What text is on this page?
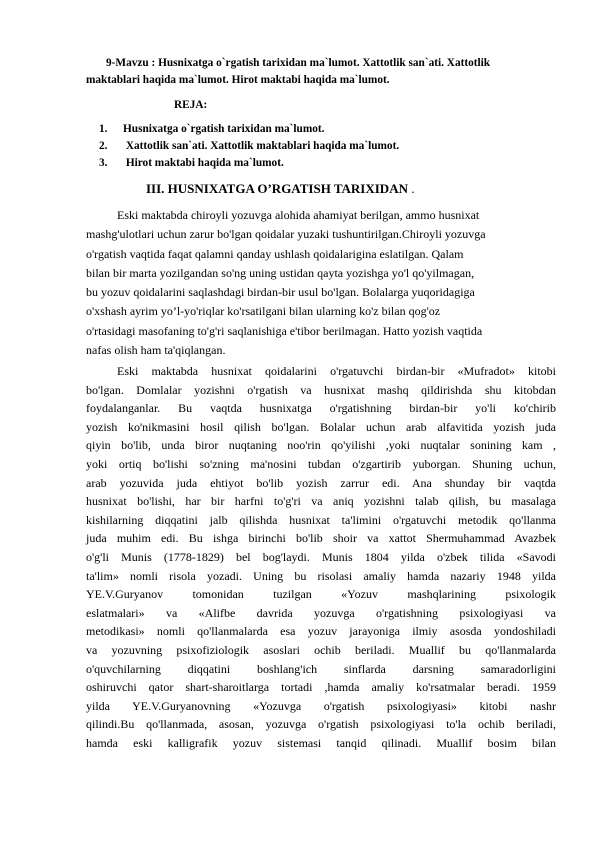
9-Mavzu : Husnixatga o`rgatish tarixidan ma`lumot. Xattotlik san`ati. Xattotlik
maktablari haqida ma`lumot. Hirot maktabi haqida ma`lumot.
REJA:
1. Husnixatga o`rgatish tarixidan ma`lumot.
2. Xattotlik san`ati. Xattotlik maktablari haqida ma`lumot.
3. Hirot maktabi haqida ma`lumot.
III. HUSNIXATGA O’RGATISH TARIXIDAN .
Eski maktabda chiroyli yozuvga alohida ahamiyat berilgan, ammo husnixat
mashg'ulotlari uchun zarur bo'lgan qoidalar yuzaki tushuntirilgan.Chiroyli yozuvga
o'rgatish vaqtida faqat qalamni qanday ushlash qoidalarigina eslatilgan. Qalam
bilan bir marta yozilgandan so'ng uning ustidan qayta yozishga yo'l qo'yilmagan,
bu yozuv qoidalarini saqlashdagi birdan-bir usul bo'lgan. Bolalarga yuqoridagiga
o'xshash ayrim yo’l-yo'riqlar ko'rsatilgani bilan ularning ko'z bilan qog'oz
o'rtasidagi masofaning to'g'ri saqlanishiga e'tibor berilmagan. Hatto yozish vaqtida
nafas olish ham ta'qiqlangan.
Eski maktabda husnixat qoidalarini o'rgatuvchi birdan-bir «Mufradot» kitobi
bo'lgan. Domlalar yozishni o'rgatish va husnixat mashq qildirishda shu kitobdan
foydalanganlar. Bu vaqtda husnixatga o'rgatishning birdan-bir yo'li ko'chirib
yozish ko'nikmasini hosil qilish bo'lgan. Bolalar uchun arab alfavitida yozish juda
qiyin bo'lib, unda biror nuqtaning noo'rin qo'yilishi ,yoki nuqtalar sonining kam ,
yoki ortiq bo'lishi so'zning ma'nosini tubdan o'zgartirib yuborgan. Shuning uchun,
arab yozuvida juda ehtiyot bo'lib yozish zarrur edi. Ana shunday bir vaqtda
husnixat bo'lishi, har bir harfni to'g'ri va aniq yozishni talab qilish, bu masalaga
kishilarning diqqatini jalb qilishda husnixat ta'limini o'rgatuvchi metodik qo'llanma
juda muhim edi. Bu ishga birinchi bo'lib shoir va xattot Shermuhammad Avazbek
o'g'li Munis (1778-1829) bel bog'laydi. Munis 1804 yilda o'zbek tilida «Savodi
ta'lim» nomli risola yozadi. Uning bu risolasi amaliy hamda nazariy 1948 yilda
YE.V.Guryanov tomonidan tuzilgan «Yozuv mashqlarining psixologik
eslatmalari» va «Alifbe davrida yozuvga o'rgatishning psixologiyasi va
metodikasi» nomli qo'llanmalarda esa yozuv jarayoniga ilmiy asosda yondoshiladi
va yozuvning psixofiziologik asoslari ochib beriladi. Muallif bu qo'llanmalarda
o'quvchilarning diqqatini boshlang'ich sinflarda darsning samaradorligini
oshiruvchi qator shart-sharoitlarga tortadi ,hamda amaliy ko'rsatmalar beradi. 1959
yilda YE.V.Guryanovning «Yozuvga o'rgatish psixologiyasi» kitobi nashr
qilindi.Bu qo'llanmada, asosan, yozuvga o'rgatish psixologiyasi to'la ochib beriladi,
hamda eski kalligrafik yozuv sistemasi tanqid qilinadi. Muallif bosim bilan
